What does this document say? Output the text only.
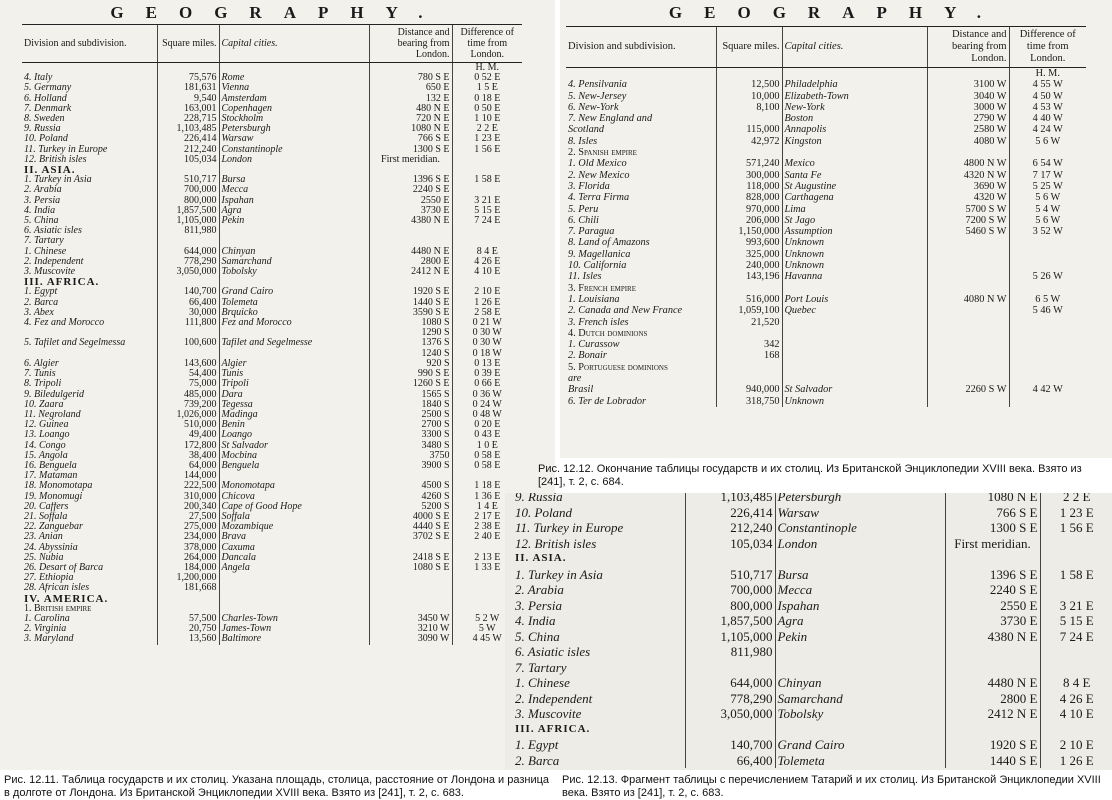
GEOGRAPHY.
Division and subdivision.	Square miles.	Capital cities.	Distance and bearing from London.	Difference of time from London.
				H. M.
4. Italy	75,576	Rome	780 S E	0 52 E
5. Germany	181,631	Vienna	650 E	1 5 E
6. Holland	9,540	Amsterdam	132 E	0 18 E
7. Denmark	163,001	Copenhagen	480 N E	0 50 E
8. Sweden	228,715	Stockholm	720 N E	1 10 E
9. Russia	1,103,485	Petersburgh	1080 N E	2 2 E
10. Poland	226,414	Warsaw	766 S E	1 23 E
11. Turkey in Europe	212,240	Constantinople	1300 S E	1 56 E
12. British isles	105,034	London	First meridian.	
II. ASIA.				
1. Turkey in Asia	510,717	Bursa	1396 S E	1 58 E
2. Arabia	700,000	Mecca	2240 S E	
3. Persia	800,000	Ispahan	2550 E	3 21 E
4. India	1,857,500	Agra	3730 E	5 15 E
5. China	1,105,000	Pekin	4380 N E	7 24 E
6. Asiatic isles	811,980			
7. Tartary				
1. Chinese	644,000	Chinyan	4480 N E	8 4 E
2. Independent	778,290	Samarchand	2800 E	4 26 E
3. Muscovite	3,050,000	Tobolsky	2412 N E	4 10 E
III. AFRICA.				
1. Egypt	140,700	Grand Cairo	1920 S E	2 10 E
2. Barca	66,400	Tolemeta	1440 S E	1 26 E
3. Abex	30,000	Brquicko	3590 S E	2 58 E
4. Fez and Morocco	111,800	Fez and Morocco	1080 S	0 21 W
			1290 S	0 30 W
5. Tafilet and Segelmessa	100,600	Tafilet and Segelmesse	1376 S	0 30 W
			1240 S	0 18 W
6. Algier	143,600	Algier	920 S	0 13 E
7. Tunis	54,400	Tunis	990 S E	0 39 E
8. Tripoli	75,000	Tripoli	1260 S E	0 66 E
9. Biledulgerid	485,000	Dara	1565 S	0 36 W
10. Zaara	739,200	Tegessa	1840 S	0 24 W
11. Negroland	1,026,000	Madinga	2500 S	0 48 W
12. Guinea	510,000	Benin	2700 S	0 20 E
13. Loango	49,400	Loango	3300 S	0 43 E
14. Congo	172,800	St Salvador	3480 S	1 0 E
15. Angola	38,400	Mocbina	3750	0 58 E
16. Benguela	64,000	Benguela	3900 S	0 58 E
17. Mataman	144,000			
18. Monomotapa	222,500	Monomotapa	4500 S	1 18 E
19. Monomugi	310,000	Chicova	4260 S	1 36 E
20. Caffers	200,340	Cape of Good Hope	5200 S	1 4 E
21. Soffala	27,500	Soffala	4000 S E	2 17 E
22. Zanguebar	275,000	Mozambique	4440 S E	2 38 E
23. Anian	234,000	Brava	3702 S E	2 40 E
24. Abyssinia	378,000	Caxuma		
25. Nubia	264,000	Dancala	2418 S E	2 13 E
26. Desart of Barca	184,000	Angela	1080 S E	1 33 E
27. Ethiopia	1,200,000			
28. African isles	181,668			
IV. AMERICA.				
1. British empire				
1. Carolina	57,500	Charles-Town	3450 W	5 2 W
2. Virginia	20,750	James-Town	3210 W	5 W
3. Maryland	13,560	Baltimore	3090 W	4 45 W
GEOGRAPHY.
Division and subdivision.	Square miles.	Capital cities.	Distance and bearing from London.	Difference of time from London.
				H. M.
4. Pensilvania	12,500	Philadelphia	3100 W	4 55 W
5. New-Jersey	10,000	Elizabeth-Town	3040 W	4 50 W
6. New-York	8,100	New-York	3000 W	4 53 W
7. New England and		Boston	2790 W	4 40 W
Scotland	115,000	Annapolis	2580 W	4 24 W
8. Isles	42,972	Kingston	4080 W	5 6 W
2. Spanish empire				
1. Old Mexico	571,240	Mexico	4800 N W	6 54 W
2. New Mexico	300,000	Santa Fe	4320 N W	7 17 W
3. Florida	118,000	St Augustine	3690 W	5 25 W
4. Terra Firma	828,000	Carthagena	4320 W	5 6 W
5. Peru	970,000	Lima	5700 S W	5 4 W
6. Chili	206,000	St Jago	7200 S W	5 6 W
7. Paragua	1,150,000	Assumption	5460 S W	3 52 W
8. Land of Amazons	993,600	Unknown		
9. Magellanica	325,000	Unknown		
10. California	240,000	Unknown		
11. Isles	143,196	Havanna		5 26 W
3. French empire				
1. Louisiana	516,000	Port Louis	4080 N W	6 5 W
2. Canada and New France	1,059,100	Quebec		5 46 W
3. French isles	21,520			
4. Dutch dominions				
1. Curassow	342			
2. Bonair	168			
5. Portuguese dominions				
are				
Brasil	940,000	St Salvador	2260 S W	4 42 W
6. Ter de Lobrador	318,750	Unknown		
Рис. 12.12. Окончание таблицы государств и их столиц. Из Британской Энциклопедии XVIII века. Взято из [241], т. 2, с. 684.
9. Russia	1,103,485	Petersburgh	1080 N E	2 2 E
10. Poland	226,414	Warsaw	766 S E	1 23 E
11. Turkey in Europe	212,240	Constantinople	1300 S E	1 56 E
12. British isles	105,034	London	First meridian.	
II. ASIA.				
1. Turkey in Asia	510,717	Bursa	1396 S E	1 58 E
2. Arabia	700,000	Mecca	2240 S E	
3. Persia	800,000	Ispahan	2550 E	3 21 E
4. India	1,857,500	Agra	3730 E	5 15 E
5. China	1,105,000	Pekin	4380 N E	7 24 E
6. Asiatic isles	811,980			
7. Tartary				
1. Chinese	644,000	Chinyan	4480 N E	8 4 E
2. Independent	778,290	Samarchand	2800 E	4 26 E
3. Muscovite	3,050,000	Tobolsky	2412 N E	4 10 E
III. AFRICA.				
1. Egypt	140,700	Grand Cairo	1920 S E	2 10 E
2. Barca	66,400	Tolemeta	1440 S E	1 26 E
Рис. 12.11. Таблица государств и их столиц. Указана площадь, столица, расстояние от Лондона и разница в долготе от Лондона. Из Британской Энциклопедии XVIII века. Взято из [241], т. 2, с. 683.
Рис. 12.13. Фрагмент таблицы с перечислением Татарий и их столиц. Из Британской Энциклопедии XVIII века. Взято из [241], т. 2, с. 683.
